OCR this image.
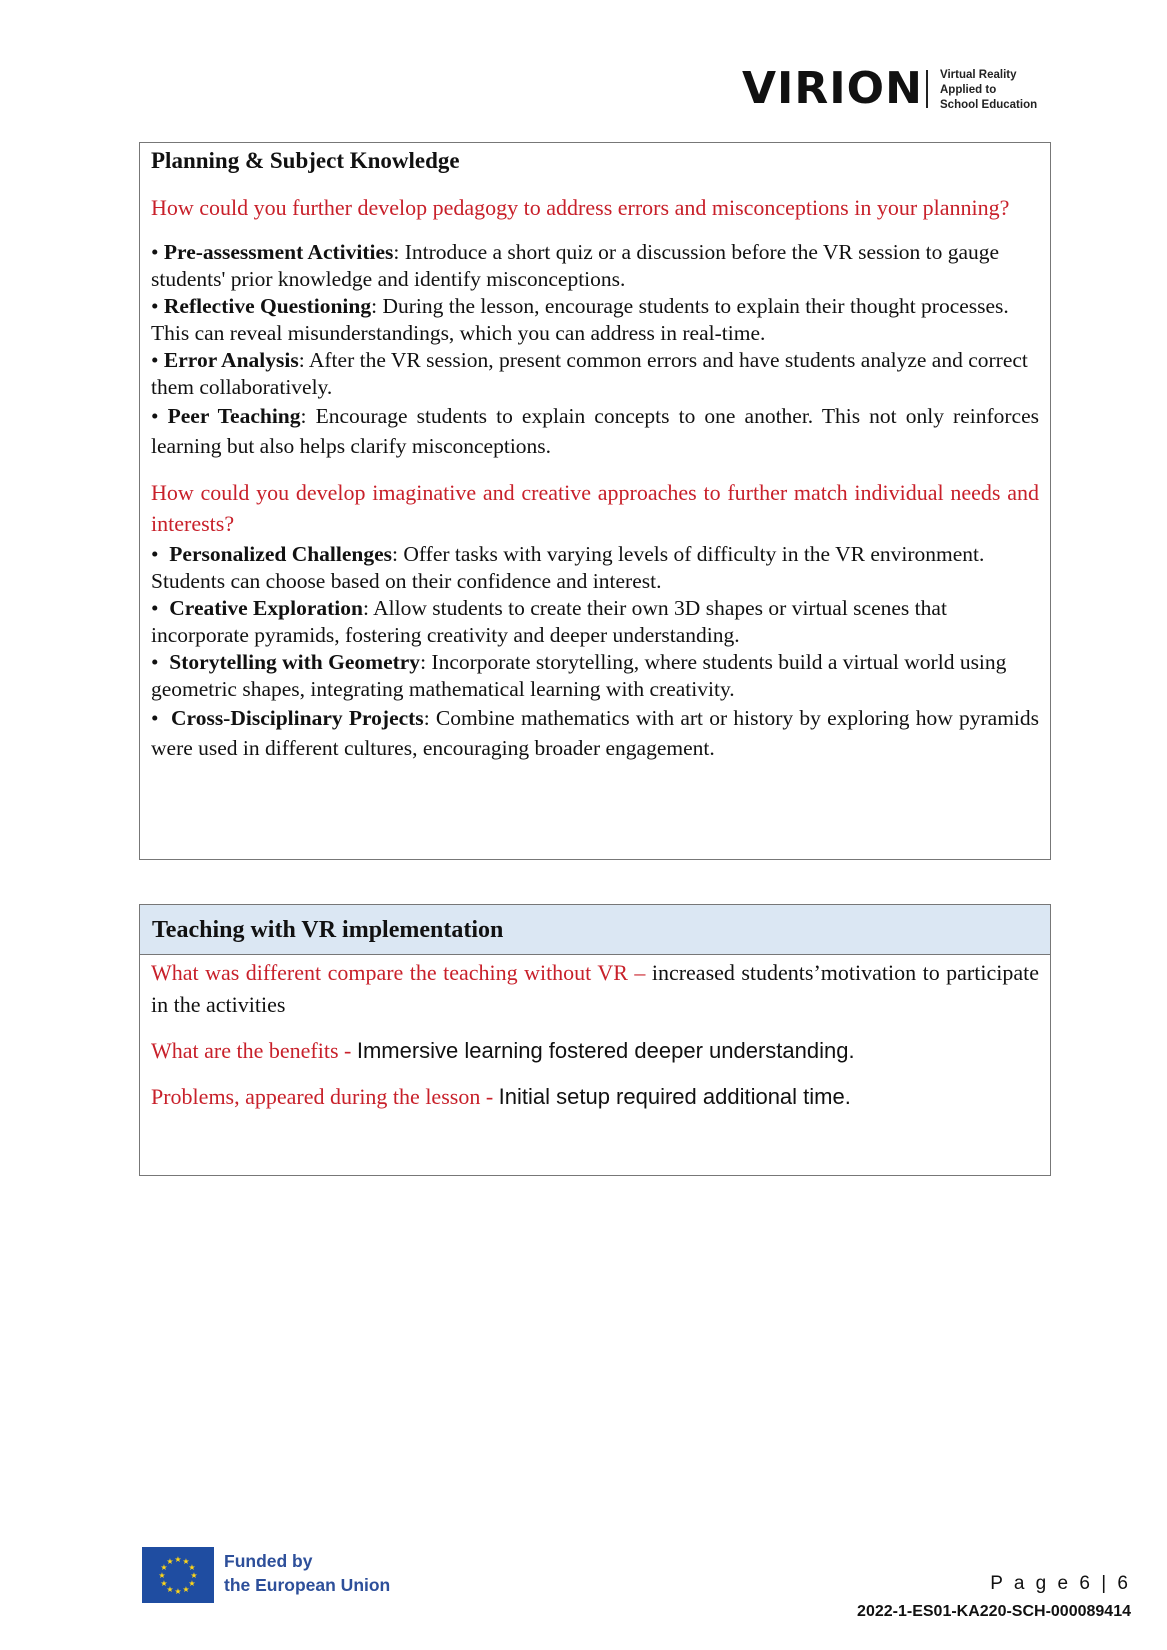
VIRION Virtual Reality
Applied to
School Education
Planning & Subject Knowledge
How could you further develop pedagogy to address errors and misconceptions in your planning?
• Pre-assessment Activities: Introduce a short quiz or a discussion before the VR session to gauge students' prior knowledge and identify misconceptions.
• Reflective Questioning: During the lesson, encourage students to explain their thought processes. This can reveal misunderstandings, which you can address in real-time.
• Error Analysis: After the VR session, present common errors and have students analyze and correct them collaboratively.
• Peer Teaching: Encourage students to explain concepts to one another. This not only reinforces learning but also helps clarify misconceptions.
How could you develop imaginative and creative approaches to further match individual needs and interests?
•  Personalized Challenges: Offer tasks with varying levels of difficulty in the VR environment. Students can choose based on their confidence and interest.
•  Creative Exploration: Allow students to create their own 3D shapes or virtual scenes that incorporate pyramids, fostering creativity and deeper understanding.
•  Storytelling with Geometry: Incorporate storytelling, where students build a virtual world using geometric shapes, integrating mathematical learning with creativity.
•  Cross-Disciplinary Projects: Combine mathematics with art or history by exploring how pyramids were used in different cultures, encouraging broader engagement.
Teaching with VR implementation
What was different compare the teaching without VR – increased students’motivation to participate in the activities
What are the benefits - Immersive learning fostered deeper understanding.
Problems, appeared during the lesson - Initial setup required additional time.
★ ★
★
★
★
★
★
★
★
★
★
★	Funded by
the European Union	P a g e 6 | 6
2022-1-ES01-KA220-SCH-000089414
